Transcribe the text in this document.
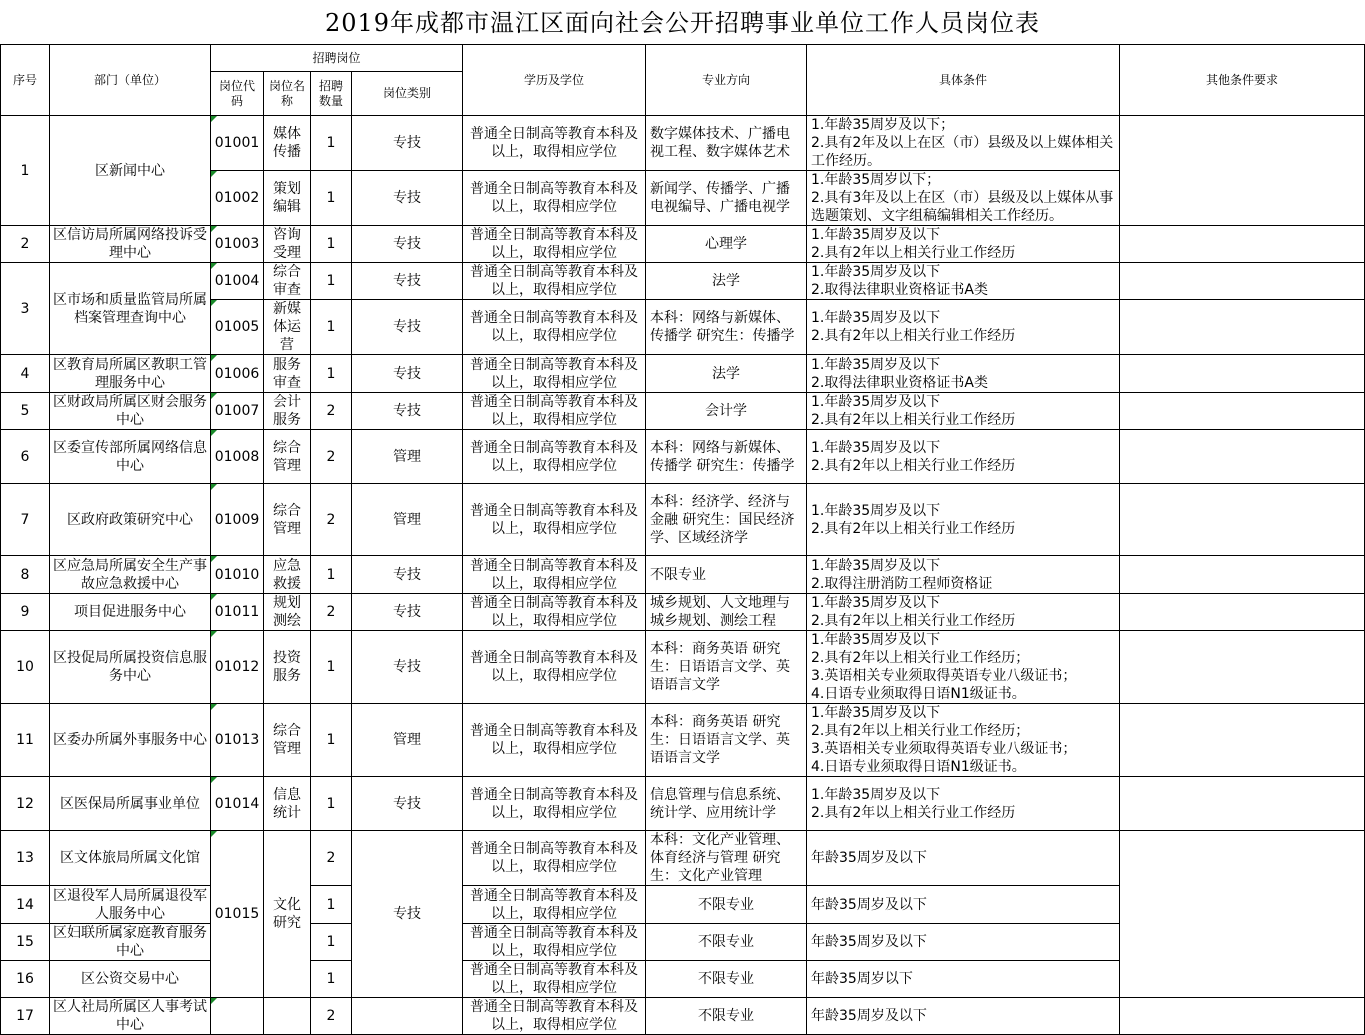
2019年成都市温江区面向社会公开招聘事业单位工作人员岗位表
序号	部门（单位）	招聘岗位				学历及学位	专业方向	具体条件	其他条件要求
		岗位代码	岗位名称	招聘数量	岗位类别				
1	区新闻中心	01001	媒体传播	1	专技	普通全日制高等教育本科及以上，取得相应学位	数字媒体技术、广播电视工程、数字媒体艺术	1.年龄35周岁及以下；
2.具有2年及以上在区（市）县级及以上媒体相关工作经历。	

		01002	策划编辑	1	专技	普通全日制高等教育本科及以上，取得相应学位	新闻学、传播学、广播电视编导、广播电视学	1.年龄35周岁以下；
2.具有3年及以上在区（市）县级及以上媒体从事选题策划、文字组稿编辑相关工作经历。	

2	区信访局所属网络投诉受理中心	01003	咨询受理	1	专技	普通全日制高等教育本科及以上，取得相应学位	心理学	1.年龄35周岁及以下
2.具有2年以上相关行业工作经历	

3	区市场和质量监管局所属档案管理查询中心	01004	综合审查	1	专技	普通全日制高等教育本科及以上，取得相应学位	法学	1.年龄35周岁及以下
2.取得法律职业资格证书A类	

		01005	新媒体运营	1	专技	普通全日制高等教育本科及以上，取得相应学位	本科：网络与新媒体、传播学 研究生：传播学	1.年龄35周岁及以下
2.具有2年以上相关行业工作经历	

4	区教育局所属区教职工管理服务中心	01006	服务审查	1	专技	普通全日制高等教育本科及以上，取得相应学位	法学	1.年龄35周岁及以下
2.取得法律职业资格证书A类	

5	区财政局所属区财会服务中心	01007	会计服务	2	专技	普通全日制高等教育本科及以上，取得相应学位	会计学	1.年龄35周岁及以下
2.具有2年以上相关行业工作经历	

6	区委宣传部所属网络信息中心	01008	综合管理	2	管理	普通全日制高等教育本科及以上，取得相应学位	本科：网络与新媒体、传播学 研究生：传播学	1.年龄35周岁及以下
2.具有2年以上相关行业工作经历	

7	区政府政策研究中心	01009	综合管理	2	管理	普通全日制高等教育本科及以上，取得相应学位	本科：经济学、经济与金融 研究生：国民经济学、区域经济学	1.年龄35周岁及以下
2.具有2年以上相关行业工作经历	

8	区应急局所属安全生产事故应急救援中心	01010	应急救援	1	专技	普通全日制高等教育本科及以上，取得相应学位	不限专业	1.年龄35周岁及以下
2.取得注册消防工程师资格证	

9	项目促进服务中心	01011	规划测绘	2	专技	普通全日制高等教育本科及以上，取得相应学位	城乡规划、人文地理与城乡规划、测绘工程	1.年龄35周岁及以下
2.具有2年以上相关行业工作经历	

10	区投促局所属投资信息服务中心	01012	投资服务	1	专技	普通全日制高等教育本科及以上，取得相应学位	本科：商务英语 研究生：日语语言文学、英语语言文学	1.年龄35周岁及以下
2.具有2年以上相关行业工作经历；
3.英语相关专业须取得英语专业八级证书；
4.日语专业须取得日语N1级证书。	

11	区委办所属外事服务中心	01013	综合管理	1	管理	普通全日制高等教育本科及以上，取得相应学位	本科：商务英语 研究生：日语语言文学、英语语言文学	1.年龄35周岁及以下
2.具有2年以上相关行业工作经历；
3.英语相关专业须取得英语专业八级证书；
4.日语专业须取得日语N1级证书。	

12	区医保局所属事业单位	01014	信息统计	1	专技	普通全日制高等教育本科及以上，取得相应学位	信息管理与信息系统、统计学、应用统计学	1.年龄35周岁及以下
2.具有2年以上相关行业工作经历	

13	区文体旅局所属文化馆	01015	文化研究	2	专技	普通全日制高等教育本科及以上，取得相应学位	本科：文化产业管理、体育经济与管理 研究生：文化产业管理	年龄35周岁及以下	

14	区退役军人局所属退役军人服务中心			1		普通全日制高等教育本科及以上，取得相应学位	不限专业	年龄35周岁及以下	

15	区妇联所属家庭教育服务中心			1		普通全日制高等教育本科及以上，取得相应学位	不限专业	年龄35周岁及以下	

16	区公资交易中心			1		普通全日制高等教育本科及以上，取得相应学位	不限专业	年龄35周岁以下	

17	区人社局所属区人事考试中心			2		普通全日制高等教育本科及以上，取得相应学位	不限专业	年龄35周岁及以下	
